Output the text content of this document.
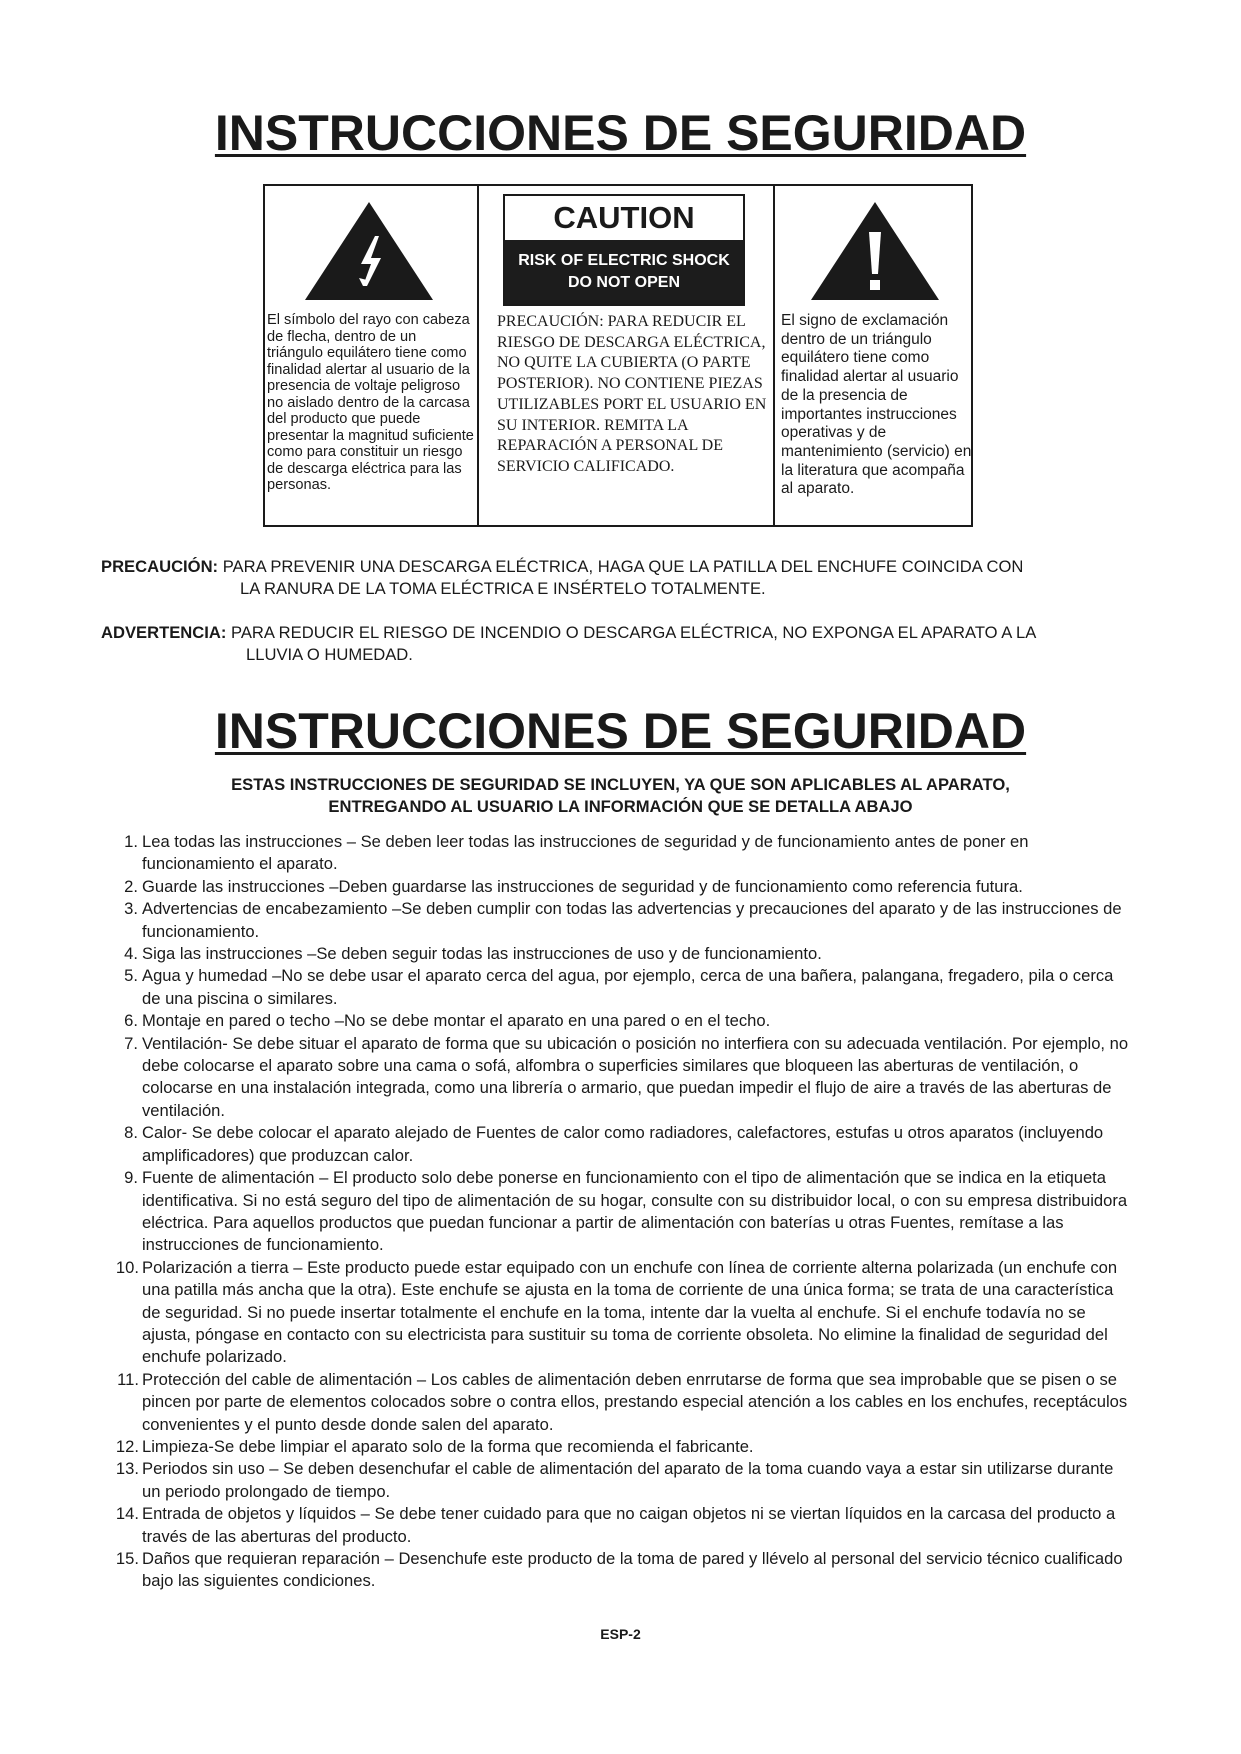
INSTRUCCIONES DE SEGURIDAD

El símbolo del rayo con cabeza de flecha, dentro de un triángulo equilátero tiene como finalidad alertar al usuario de la presencia de voltaje peligroso no aislado dentro de la carcasa del producto que puede presentar la magnitud suficiente como para constituir un riesgo de descarga eléctrica para las personas.

CAUTION
RISK OF ELECTRIC SHOCK
DO NOT OPEN

PRECAUCIÓN: PARA REDUCIR EL RIESGO DE DESCARGA ELÉCTRICA, NO QUITE LA CUBIERTA (O PARTE POSTERIOR). NO CONTIENE PIEZAS UTILIZABLES PORT EL USUARIO EN SU INTERIOR. REMITA LA REPARACIÓN A PERSONAL DE SERVICIO CALIFICADO.

El signo de exclamación dentro de un triángulo equilátero tiene como finalidad alertar al usuario de la presencia de importantes instrucciones operativas y de mantenimiento (servicio) en la literatura que acompaña al aparato.

PRECAUCIÓN: PARA PREVENIR UNA DESCARGA ELÉCTRICA, HAGA QUE LA PATILLA DEL ENCHUFE COINCIDA CON
LA RANURA DE LA TOMA ELÉCTRICA E INSÉRTELO TOTALMENTE.

ADVERTENCIA: PARA REDUCIR EL RIESGO DE INCENDIO O DESCARGA ELÉCTRICA, NO EXPONGA EL APARATO A LA
LLUVIA O HUMEDAD.

INSTRUCCIONES DE SEGURIDAD

ESTAS INSTRUCCIONES DE SEGURIDAD SE INCLUYEN, YA QUE SON APLICABLES AL APARATO,
ENTREGANDO AL USUARIO LA INFORMACIÓN QUE SE DETALLA ABAJO

1. Lea todas las instrucciones – Se deben leer todas las instrucciones de seguridad y de funcionamiento antes de poner en funcionamiento el aparato.
2. Guarde las instrucciones –Deben guardarse las instrucciones de seguridad y de funcionamiento como referencia futura.
3. Advertencias de encabezamiento –Se deben cumplir con todas las advertencias y precauciones del aparato y de las instrucciones de funcionamiento.
4. Siga las instrucciones –Se deben seguir todas las instrucciones de uso y de funcionamiento.
5. Agua y humedad –No se debe usar el aparato cerca del agua, por ejemplo, cerca de una bañera, palangana, fregadero, pila o cerca de una piscina o similares.
6. Montaje en pared o techo –No se debe montar el aparato en una pared o en el techo.
7. Ventilación- Se debe situar el aparato de forma que su ubicación o posición no interfiera con su adecuada ventilación. Por ejemplo, no debe colocarse el aparato sobre una cama o sofá, alfombra o superficies similares que bloqueen las aberturas de ventilación, o colocarse en una instalación integrada, como una librería o armario, que puedan impedir el flujo de aire a través de las aberturas de ventilación.
8. Calor- Se debe colocar el aparato alejado de Fuentes de calor como radiadores, calefactores, estufas u otros aparatos (incluyendo amplificadores) que produzcan calor.
9. Fuente de alimentación – El producto solo debe ponerse en funcionamiento con el tipo de alimentación que se indica en la etiqueta identificativa. Si no está seguro del tipo de alimentación de su hogar, consulte con su distribuidor local, o con su empresa distribuidora eléctrica. Para aquellos productos que puedan funcionar a partir de alimentación con baterías u otras Fuentes, remítase a las instrucciones de funcionamiento.
10. Polarización a tierra – Este producto puede estar equipado con un enchufe con línea de corriente alterna polarizada (un enchufe con una patilla más ancha que la otra). Este enchufe se ajusta en la toma de corriente de una única forma; se trata de una característica de seguridad. Si no puede insertar totalmente el enchufe en la toma, intente dar la vuelta al enchufe. Si el enchufe todavía no se ajusta, póngase en contacto con su electricista para sustituir su toma de corriente obsoleta. No elimine la finalidad de seguridad del enchufe polarizado.
11. Protección del cable de alimentación – Los cables de alimentación deben enrrutarse de forma que sea improbable que se pisen o se pincen por parte de elementos colocados sobre o contra ellos, prestando especial atención a los cables en los enchufes, receptáculos convenientes y el punto desde donde salen del aparato.
12. Limpieza-Se debe limpiar el aparato solo de la forma que recomienda el fabricante.
13. Periodos sin uso – Se deben desenchufar el cable de alimentación del aparato de la toma cuando vaya a estar sin utilizarse durante un periodo prolongado de tiempo.
14. Entrada de objetos y líquidos – Se debe tener cuidado para que no caigan objetos ni se viertan líquidos en la carcasa del producto a través de las aberturas del producto.
15. Daños que requieran reparación – Desenchufe este producto de la toma de pared y llévelo al personal del servicio técnico cualificado bajo las siguientes condiciones.

ESP-2
